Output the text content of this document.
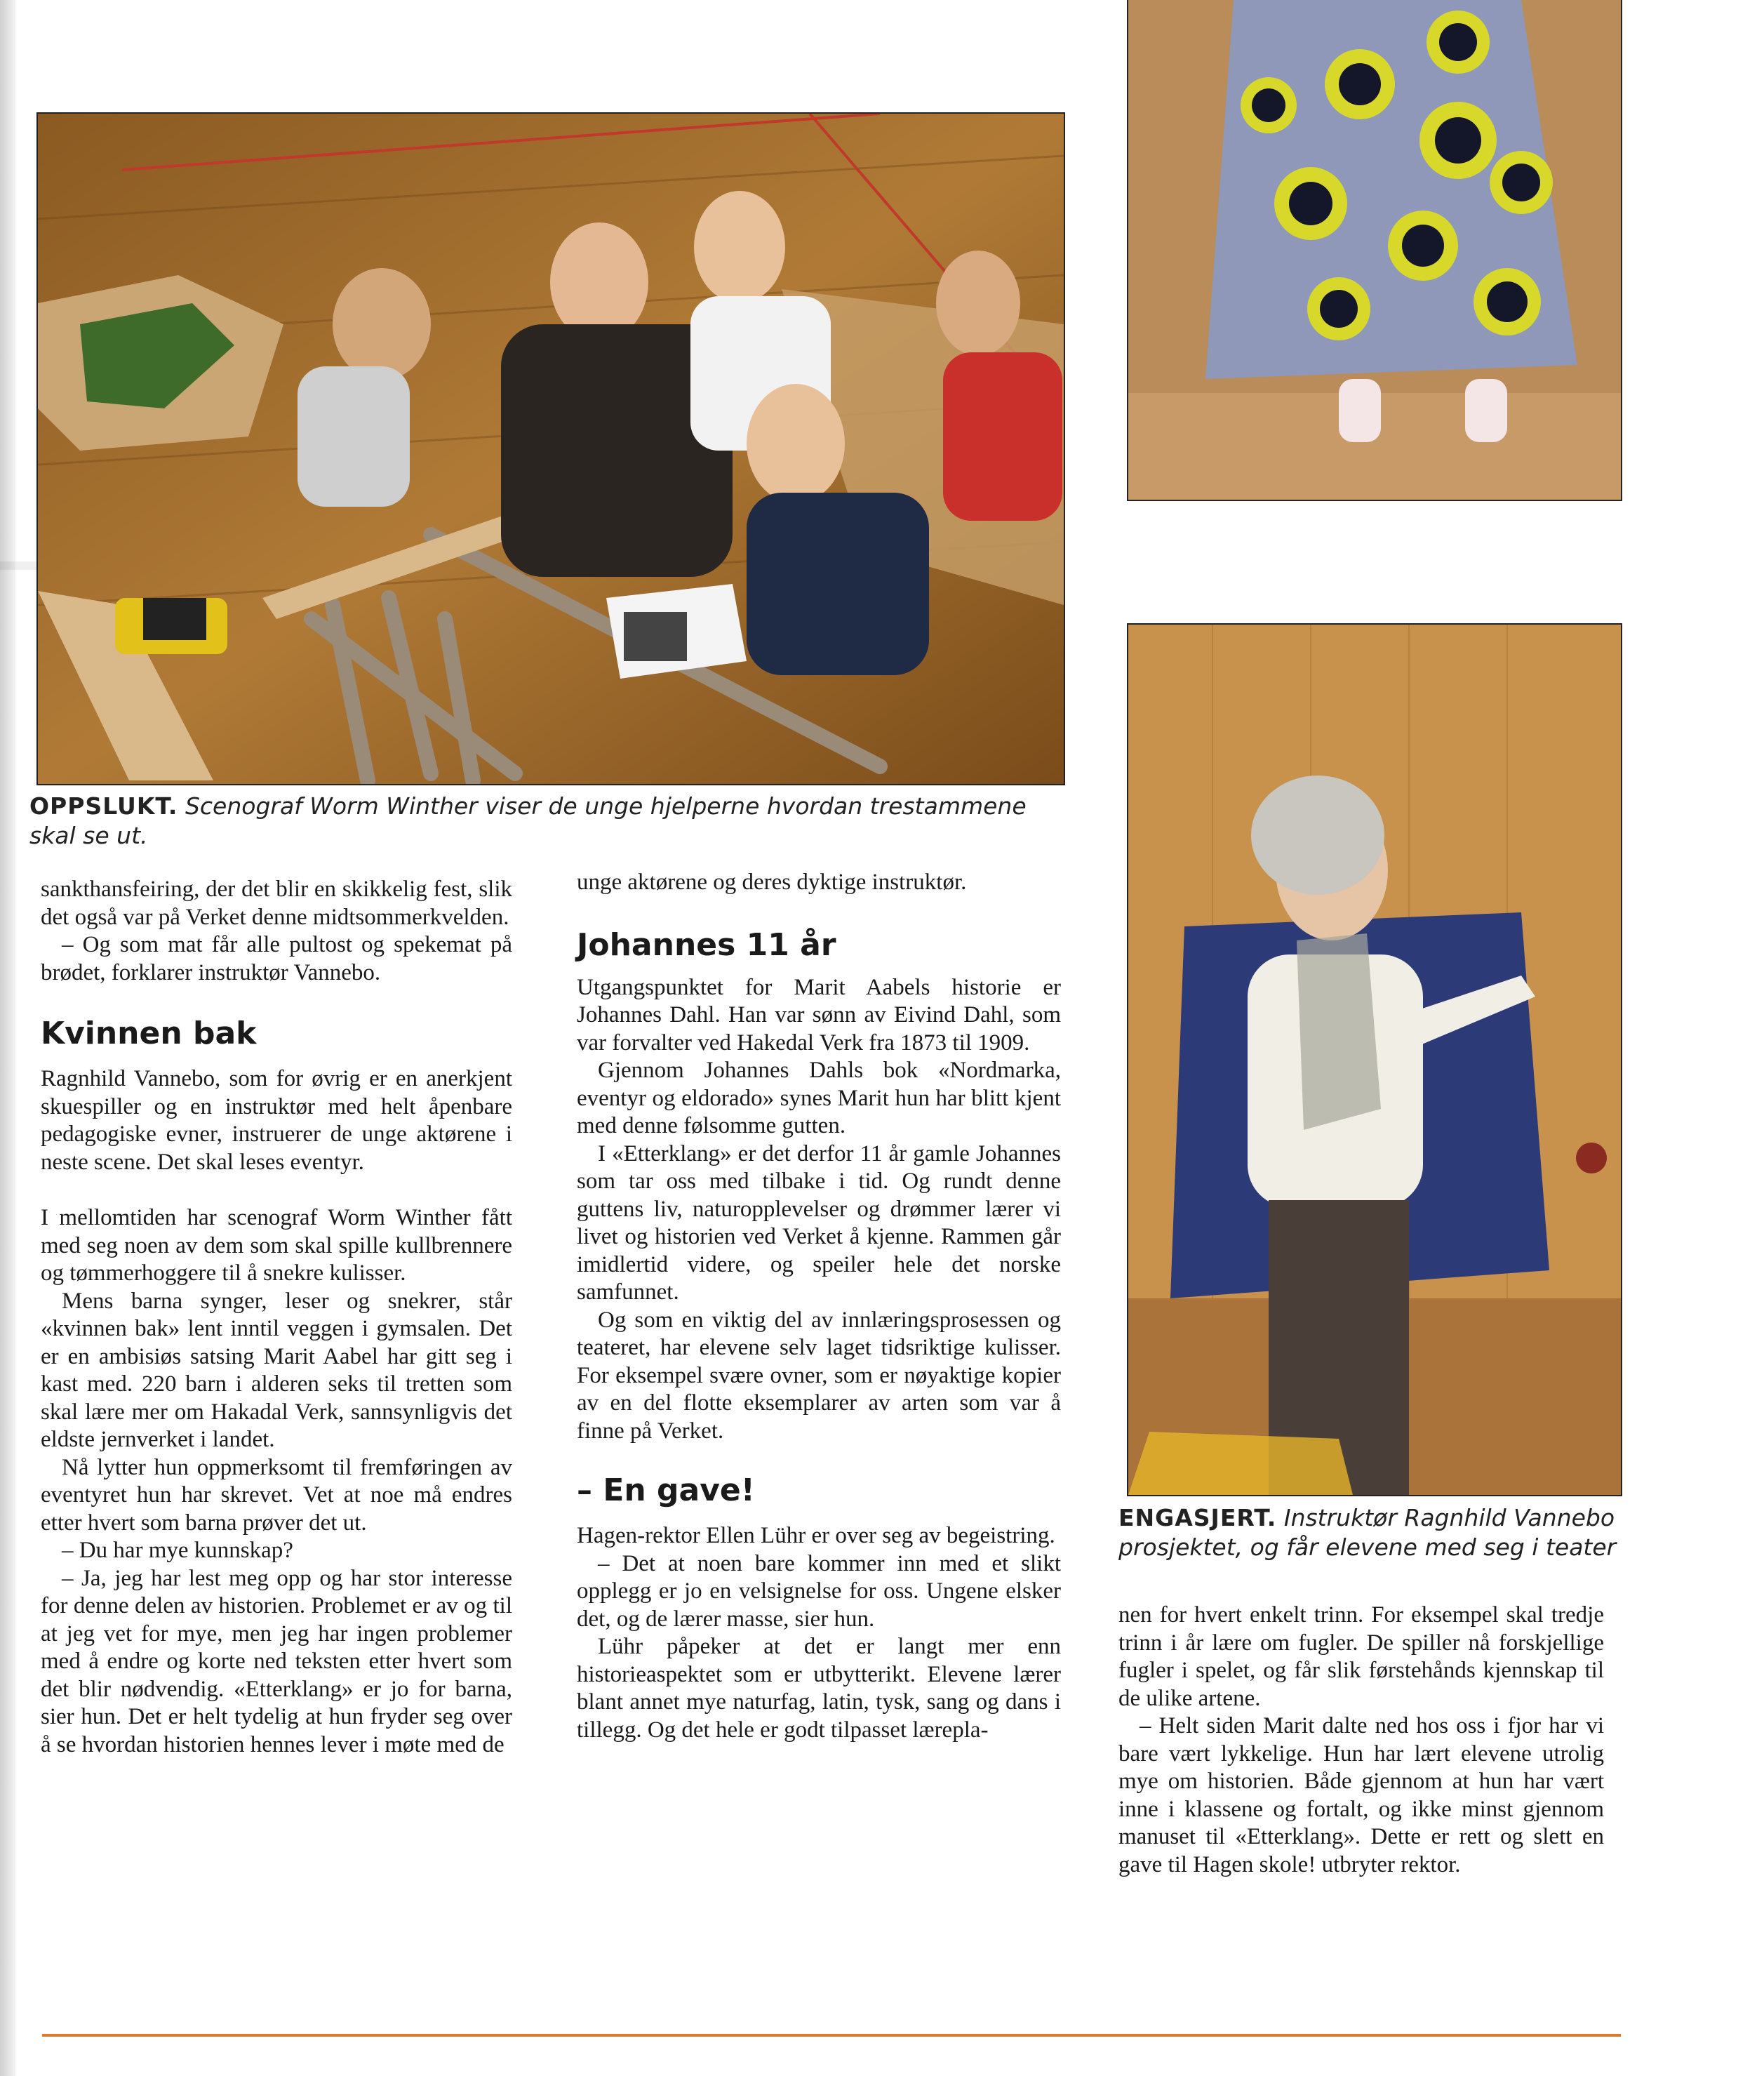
OPPSLUKT. Scenograf Worm Winther viser de unge hjelperne hvordan trestammene skal se ut.
ENGASJERT. Instruktør Ragnhild Vannebo
prosjektet, og får elevene med seg i teater

sankthansfeiring, der det blir en skikkelig fest, slik det også var på Verket denne midtsommerkvelden.

– Og som mat får alle pultost og spekemat på brødet, forklarer instruktør Vannebo.

Kvinnen bak

Ragnhild Vannebo, som for øvrig er en anerkjent skuespiller og en instruktør med helt åpenbare pedagogiske evner, instruerer de unge aktørene i neste scene. Det skal leses eventyr.

I mellomtiden har scenograf Worm Winther fått med seg noen av dem som skal spille kullbrennere og tømmerhoggere til å snekre kulisser.

Mens barna synger, leser og snekrer, står «kvinnen bak» lent inntil veggen i gymsalen. Det er en ambisiøs satsing Marit Aabel har gitt seg i kast med. 220 barn i alderen seks til tretten som skal lære mer om Hakadal Verk, sannsynligvis det eldste jernverket i landet.

Nå lytter hun oppmerksomt til fremføringen av eventyret hun har skrevet. Vet at noe må endres etter hvert som barna prøver det ut.

– Du har mye kunnskap?

– Ja, jeg har lest meg opp og har stor interesse for denne delen av historien. Problemet er av og til at jeg vet for mye, men jeg har ingen problemer med å endre og korte ned teksten etter hvert som det blir nødvendig. «Etterklang» er jo for barna, sier hun. Det er helt tydelig at hun fryder seg over å se hvordan historien hennes lever i møte med de

unge aktørene og deres dyktige instruktør.

Johannes 11 år

Utgangspunktet for Marit Aabels historie er Johannes Dahl. Han var sønn av Eivind Dahl, som var forvalter ved Hakedal Verk fra 1873 til 1909.

Gjennom Johannes Dahls bok «Nordmarka, eventyr og eldorado» synes Marit hun har blitt kjent med denne følsomme gutten.

I «Etterklang» er det derfor 11 år gamle Johannes som tar oss med tilbake i tid. Og rundt denne guttens liv, naturopplevelser og drømmer lærer vi livet og historien ved Verket å kjenne. Rammen går imidlertid videre, og speiler hele det norske samfunnet.

Og som en viktig del av innlæringsprosessen og teateret, har elevene selv laget tidsriktige kulisser. For eksempel svære ovner, som er nøyaktige kopier av en del flotte eksemplarer av arten som var å finne på Verket.

– En gave!

Hagen-rektor Ellen Lühr er over seg av begeistring.

– Det at noen bare kommer inn med et slikt opplegg er jo en velsignelse for oss. Ungene elsker det, og de lærer masse, sier hun.

Lühr påpeker at det er langt mer enn historieaspektet som er utbytterikt. Elevene lærer blant annet mye naturfag, latin, tysk, sang og dans i tillegg. Og det hele er godt tilpasset lærepla-

nen for hvert enkelt trinn. For eksempel skal tredje trinn i år lære om fugler. De spiller nå forskjellige fugler i spelet, og får slik førstehånds kjennskap til de ulike artene.

– Helt siden Marit dalte ned hos oss i fjor har vi bare vært lykkelige. Hun har lært elevene utrolig mye om historien. Både gjennom at hun har vært inne i klassene og fortalt, og ikke minst gjennom manuset til «Etterklang». Dette er rett og slett en gave til Hagen skole! utbryter rektor.
